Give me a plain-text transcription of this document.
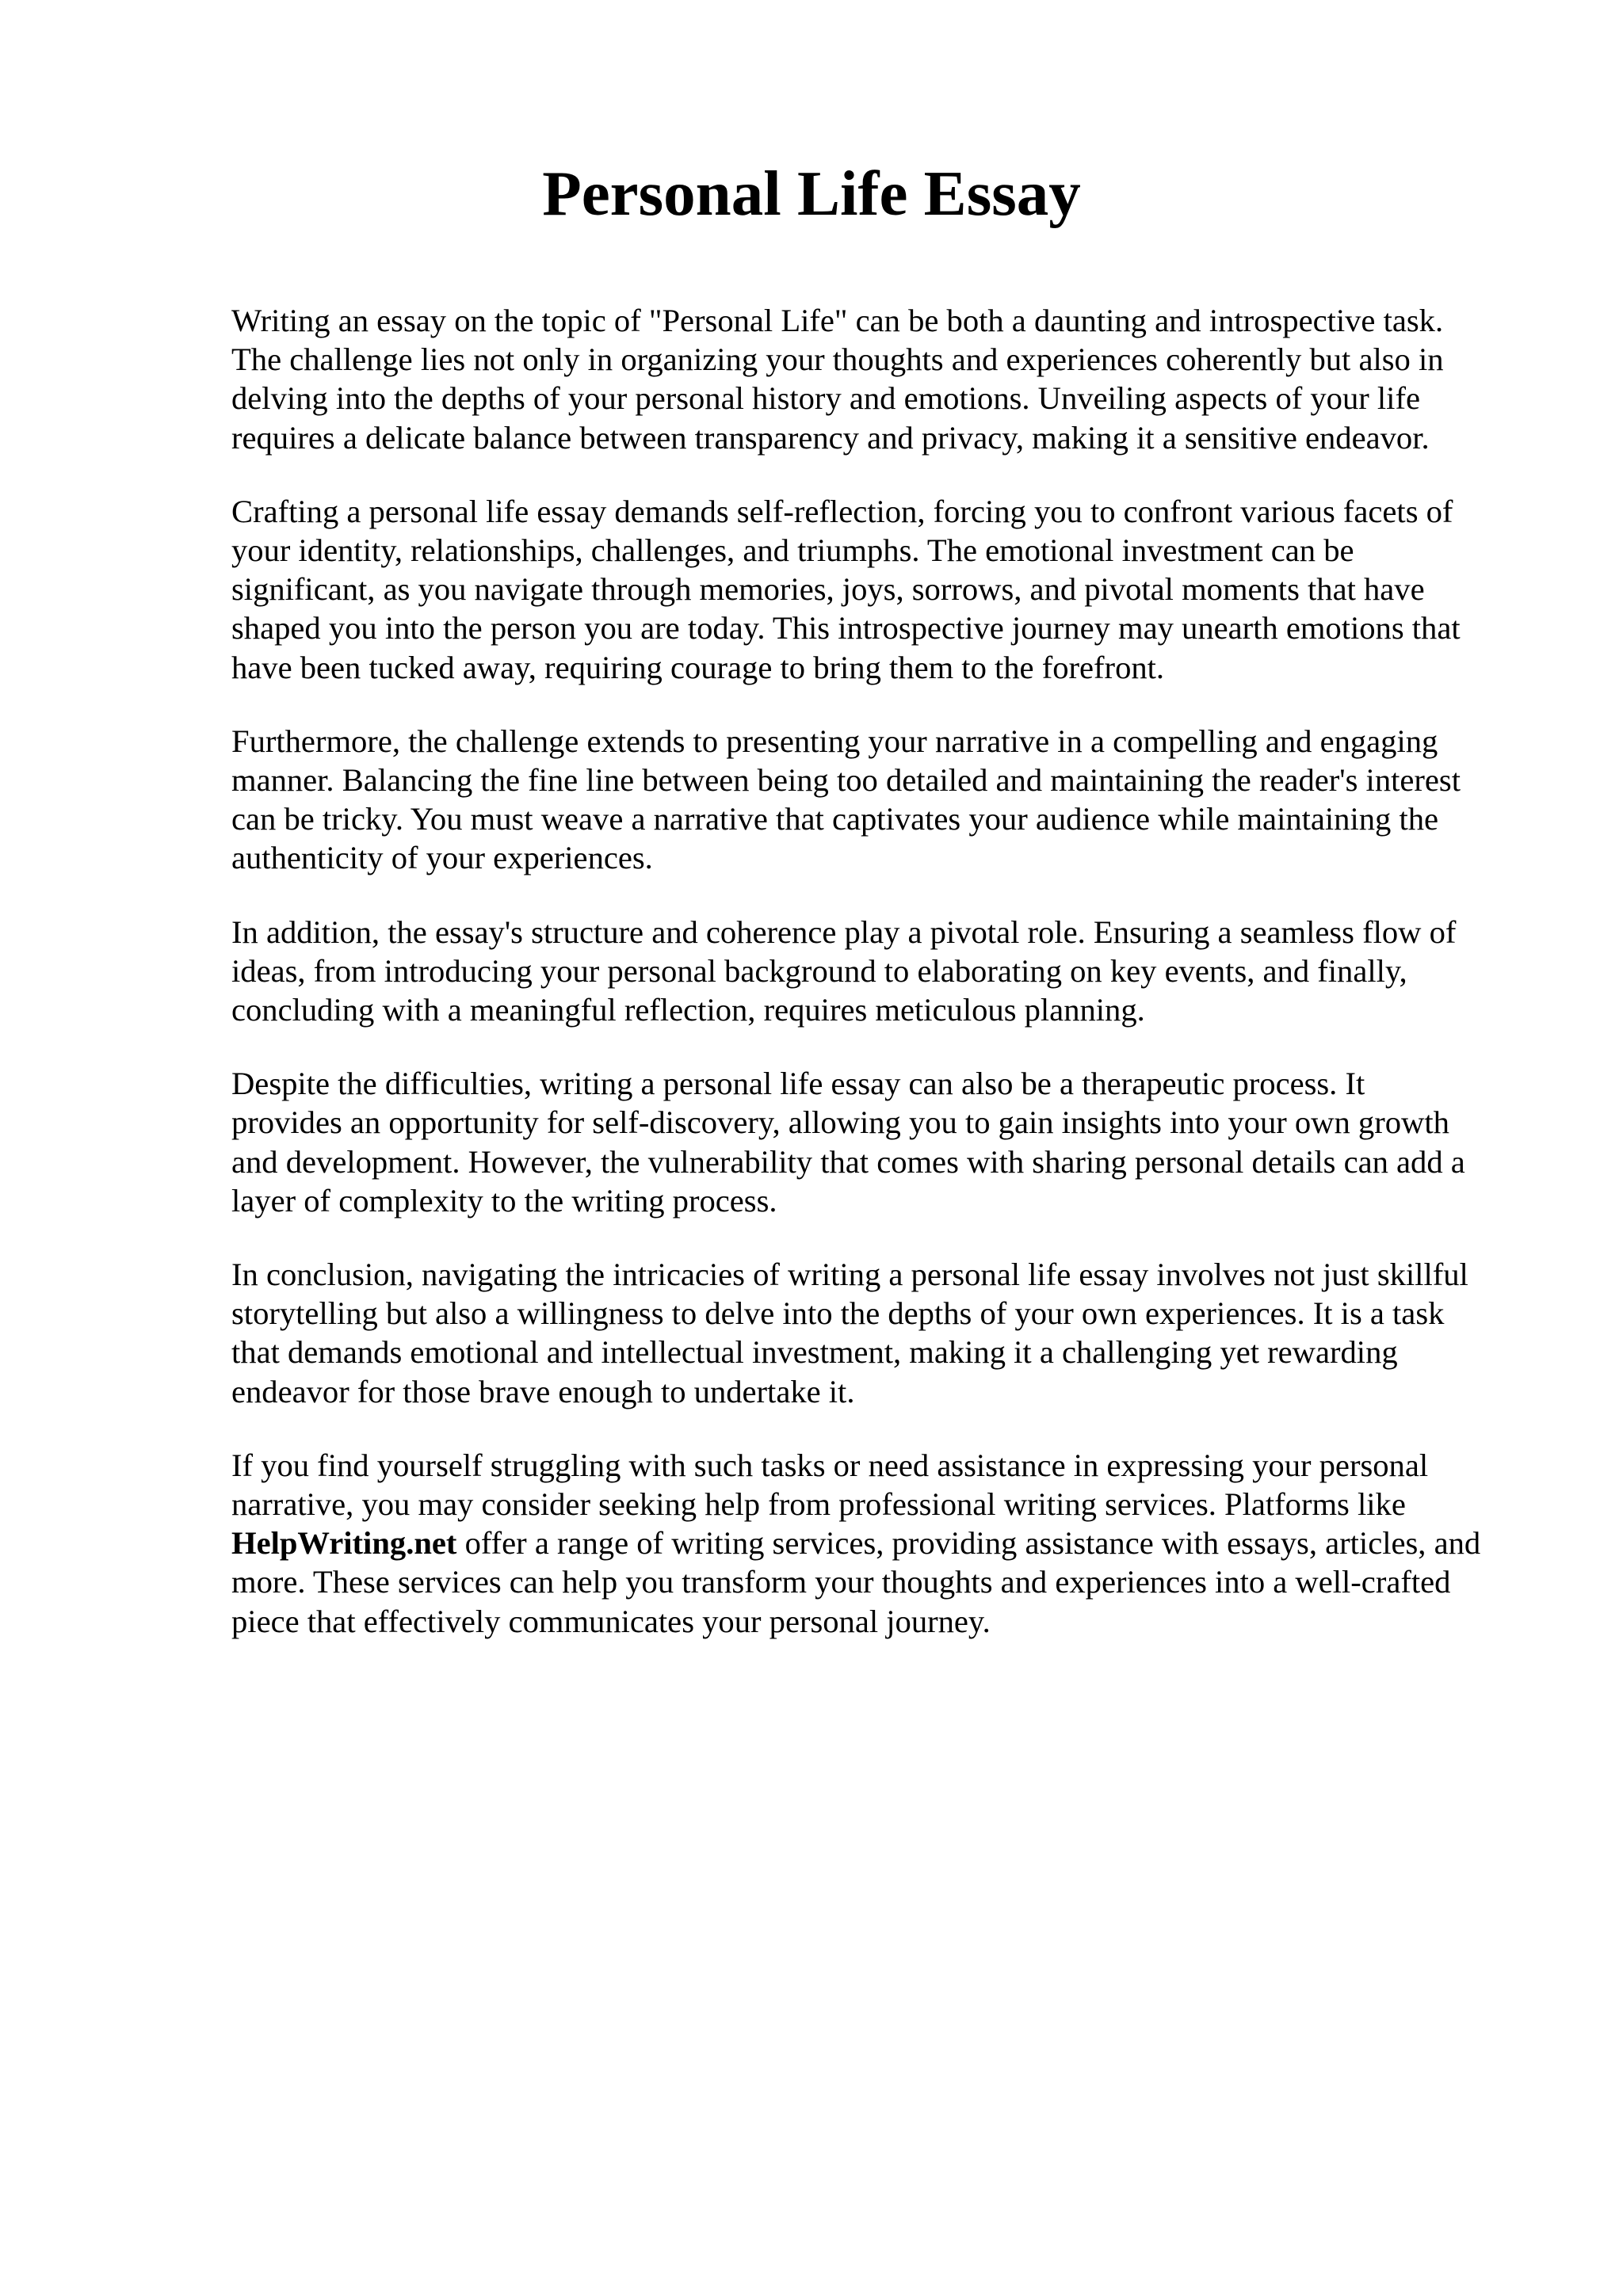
Personal Life Essay

Writing an essay on the topic of "Personal Life" can be both a daunting and introspective task.
The challenge lies not only in organizing your thoughts and experiences coherently but also in
delving into the depths of your personal history and emotions. Unveiling aspects of your life
requires a delicate balance between transparency and privacy, making it a sensitive endeavor.

Crafting a personal life essay demands self-reflection, forcing you to confront various facets of
your identity, relationships, challenges, and triumphs. The emotional investment can be
significant, as you navigate through memories, joys, sorrows, and pivotal moments that have
shaped you into the person you are today. This introspective journey may unearth emotions that
have been tucked away, requiring courage to bring them to the forefront.

Furthermore, the challenge extends to presenting your narrative in a compelling and engaging
manner. Balancing the fine line between being too detailed and maintaining the reader's interest
can be tricky. You must weave a narrative that captivates your audience while maintaining the
authenticity of your experiences.

In addition, the essay's structure and coherence play a pivotal role. Ensuring a seamless flow of
ideas, from introducing your personal background to elaborating on key events, and finally,
concluding with a meaningful reflection, requires meticulous planning.

Despite the difficulties, writing a personal life essay can also be a therapeutic process. It
provides an opportunity for self-discovery, allowing you to gain insights into your own growth
and development. However, the vulnerability that comes with sharing personal details can add a
layer of complexity to the writing process.

In conclusion, navigating the intricacies of writing a personal life essay involves not just skillful
storytelling but also a willingness to delve into the depths of your own experiences. It is a task
that demands emotional and intellectual investment, making it a challenging yet rewarding
endeavor for those brave enough to undertake it.

If you find yourself struggling with such tasks or need assistance in expressing your personal
narrative, you may consider seeking help from professional writing services. Platforms like
HelpWriting.net offer a range of writing services, providing assistance with essays, articles, and
more. These services can help you transform your thoughts and experiences into a well-crafted
piece that effectively communicates your personal journey.
